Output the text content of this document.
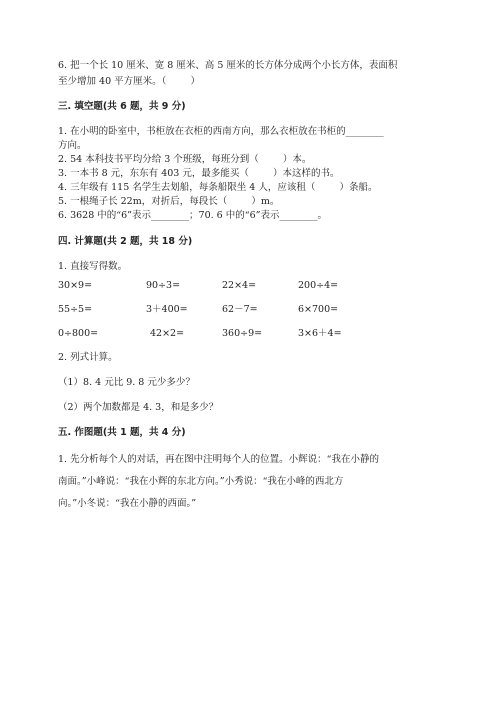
6. 把一个长 10 厘米、宽 8 厘米、高 5 厘米的长方体分成两个小长方体，表面积
至少增加 40 平方厘米。（        ）
三. 填空题(共 6 题，共 9 分)
1. 在小明的卧室中，书柜放在衣柜的西南方向，那么衣柜放在书柜的________
方向。
2. 54 本科技书平均分给 3 个班级，每班分到（        ）本。
3. 一本书 8 元，东东有 403 元，最多能买（        ）本这样的书。
4. 三年级有 115 名学生去划船，每条船限坐 4 人，应该租（        ）条船。
5. 一根绳子长 22m，对折后，每段长（        ）m。
6. 3628 中的“6”表示________；70. 6 中的“6”表示________。
四. 计算题(共 2 题，共 18 分)
1. 直接写得数。
30×9=	90÷3=	22×4=	200÷4=
55÷5=	3＋400=	62－7=	6×700=
0÷800=	42×2=	360÷9=	3×6＋4=
2. 列式计算。
（1）8. 4 元比 9. 8 元少多少？
（2）两个加数都是 4. 3，和是多少？
五. 作图题(共 1 题，共 4 分)
1. 先分析每个人的对话，再在图中注明每个人的位置。小辉说：“我在小静的
南面。”小峰说：“我在小辉的东北方向。”小秀说：“我在小峰的西北方
向。”小冬说：“我在小静的西面。”
